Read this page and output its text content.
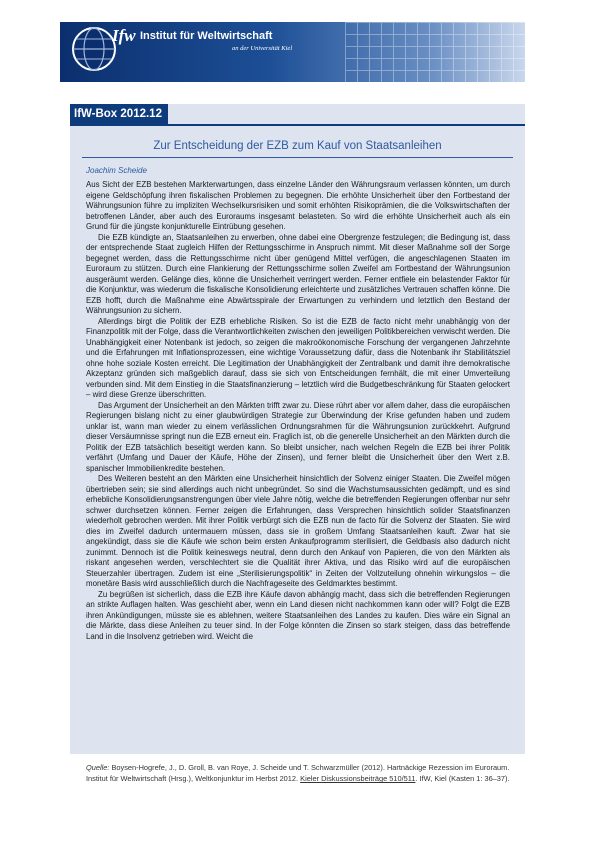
Ifw Institut für Weltwirtschaft
an der Universität Kiel
IfW-Box 2012.12
Zur Entscheidung der EZB zum Kauf von Staatsanleihen
Joachim Scheide

Aus Sicht der EZB bestehen Markterwartungen, dass einzelne Länder den Währungsraum verlassen könnten, um durch eigene Geldschöpfung ihren fiskalischen Problemen zu begegnen. Die erhöhte Unsicherheit über den Fortbestand der Währungsunion führe zu impliziten Wechselkursrisiken und somit erhöhten Risikoprämien, die die Volkswirtschaften der betroffenen Länder, aber auch des Euroraums insgesamt belasteten. So wird die erhöhte Unsicherheit auch als ein Grund für die jüngste konjunkturelle Eintrübung gesehen.

Die EZB kündigte an, Staatsanleihen zu erwerben, ohne dabei eine Obergrenze festzulegen; die Bedingung ist, dass der entsprechende Staat zugleich Hilfen der Rettungsschirme in Anspruch nimmt. Mit dieser Maßnahme soll der Sorge begegnet werden, dass die Rettungsschirme nicht über genügend Mittel verfügen, die angeschlagenen Staaten im Euroraum zu stützen. Durch eine Flankierung der Rettungsschirme sollen Zweifel am Fortbestand der Währungsunion ausgeräumt werden. Gelänge dies, könne die Unsicherheit verringert werden. Ferner entfiele ein belastender Faktor für die Konjunktur, was wiederum die fiskalische Konsolidierung erleichterte und zusätzliches Vertrauen schaffen könne. Die EZB hofft, durch die Maßnahme eine Abwärtsspirale der Erwartungen zu verhindern und letztlich den Bestand der Währungsunion zu sichern.

Allerdings birgt die Politik der EZB erhebliche Risiken. So ist die EZB de facto nicht mehr unabhängig von der Finanzpolitik mit der Folge, dass die Verantwortlichkeiten zwischen den jeweiligen Politikbereichen verwischt werden. Die Unabhängigkeit einer Notenbank ist jedoch, so zeigen die makroökonomische Forschung der vergangenen Jahrzehnte und die Erfahrungen mit Inflationsprozessen, eine wichtige Voraussetzung dafür, dass die Notenbank ihr Stabilitätsziel ohne hohe soziale Kosten erreicht. Die Legitimation der Unabhängigkeit der Zentralbank und damit ihre demokratische Akzeptanz gründen sich maßgeblich darauf, dass sie sich von Entscheidungen fernhält, die mit einer Umverteilung verbunden sind. Mit dem Einstieg in die Staatsfinanzierung – letztlich wird die Budgetbeschränkung für Staaten gelockert – wird diese Grenze überschritten.

Das Argument der Unsicherheit an den Märkten trifft zwar zu. Diese rührt aber vor allem daher, dass die europäischen Regierungen bislang nicht zu einer glaubwürdigen Strategie zur Überwindung der Krise gefunden haben und zudem unklar ist, wann man wieder zu einem verlässlichen Ordnungsrahmen für die Währungsunion zurückkehrt. Aufgrund dieser Versäumnisse springt nun die EZB erneut ein. Fraglich ist, ob die generelle Unsicherheit an den Märkten durch die Politik der EZB tatsächlich beseitigt werden kann. So bleibt unsicher, nach welchen Regeln die EZB bei ihrer Politik verfährt (Umfang und Dauer der Käufe, Höhe der Zinsen), und ferner bleibt die Unsicherheit über den Wert z.B. spanischer Immobilienkredite bestehen.

Des Weiteren besteht an den Märkten eine Unsicherheit hinsichtlich der Solvenz einiger Staaten. Die Zweifel mögen übertrieben sein; sie sind allerdings auch nicht unbegründet. So sind die Wachstumsaussichten gedämpft, und es sind erhebliche Konsolidierungsanstrengungen über viele Jahre nötig, welche die betreffenden Regierungen offenbar nur sehr schwer durchsetzen können. Ferner zeigen die Erfahrungen, dass Versprechen hinsichtlich solider Staatsfinanzen wiederholt gebrochen werden. Mit ihrer Politik verbürgt sich die EZB nun de facto für die Solvenz der Staaten. Sie wird dies im Zweifel dadurch untermauern müssen, dass sie in großem Umfang Staatsanleihen kauft. Zwar hat sie angekündigt, dass sie die Käufe wie schon beim ersten Ankaufprogramm sterilisiert, die Geldbasis also dadurch nicht zunimmt. Dennoch ist die Politik keineswegs neutral, denn durch den Ankauf von Papieren, die von den Märkten als riskant angesehen werden, verschlechtert sie die Qualität ihrer Aktiva, und das Risiko wird auf die europäischen Steuerzahler übertragen. Zudem ist eine „Sterilisierungspolitik“ in Zeiten der Vollzuteilung ohnehin wirkungslos – die monetäre Basis wird ausschließlich durch die Nachfrageseite des Geldmarktes bestimmt.

Zu begrüßen ist sicherlich, dass die EZB ihre Käufe davon abhängig macht, dass sich die betreffenden Regierungen an strikte Auflagen halten. Was geschieht aber, wenn ein Land diesen nicht nachkommen kann oder will? Folgt die EZB ihren Ankündigungen, müsste sie es ablehnen, weitere Staatsanleihen des Landes zu kaufen. Dies wäre ein Signal an die Märkte, dass diese Anleihen zu teuer sind. In der Folge könnten die Zinsen so stark steigen, dass das betreffende Land in die Insolvenz getrieben wird. Weicht die

Quelle: Boysen-Hogrefe, J., D. Groll, B. van Roye, J. Scheide und T. Schwarzmüller (2012). Hartnäckige Rezession im Euroraum. Institut für Weltwirtschaft (Hrsg.), Weltkonjunktur im Herbst 2012. Kieler Diskussionsbeiträge 510/511. IfW, Kiel (Kasten 1: 36–37).
